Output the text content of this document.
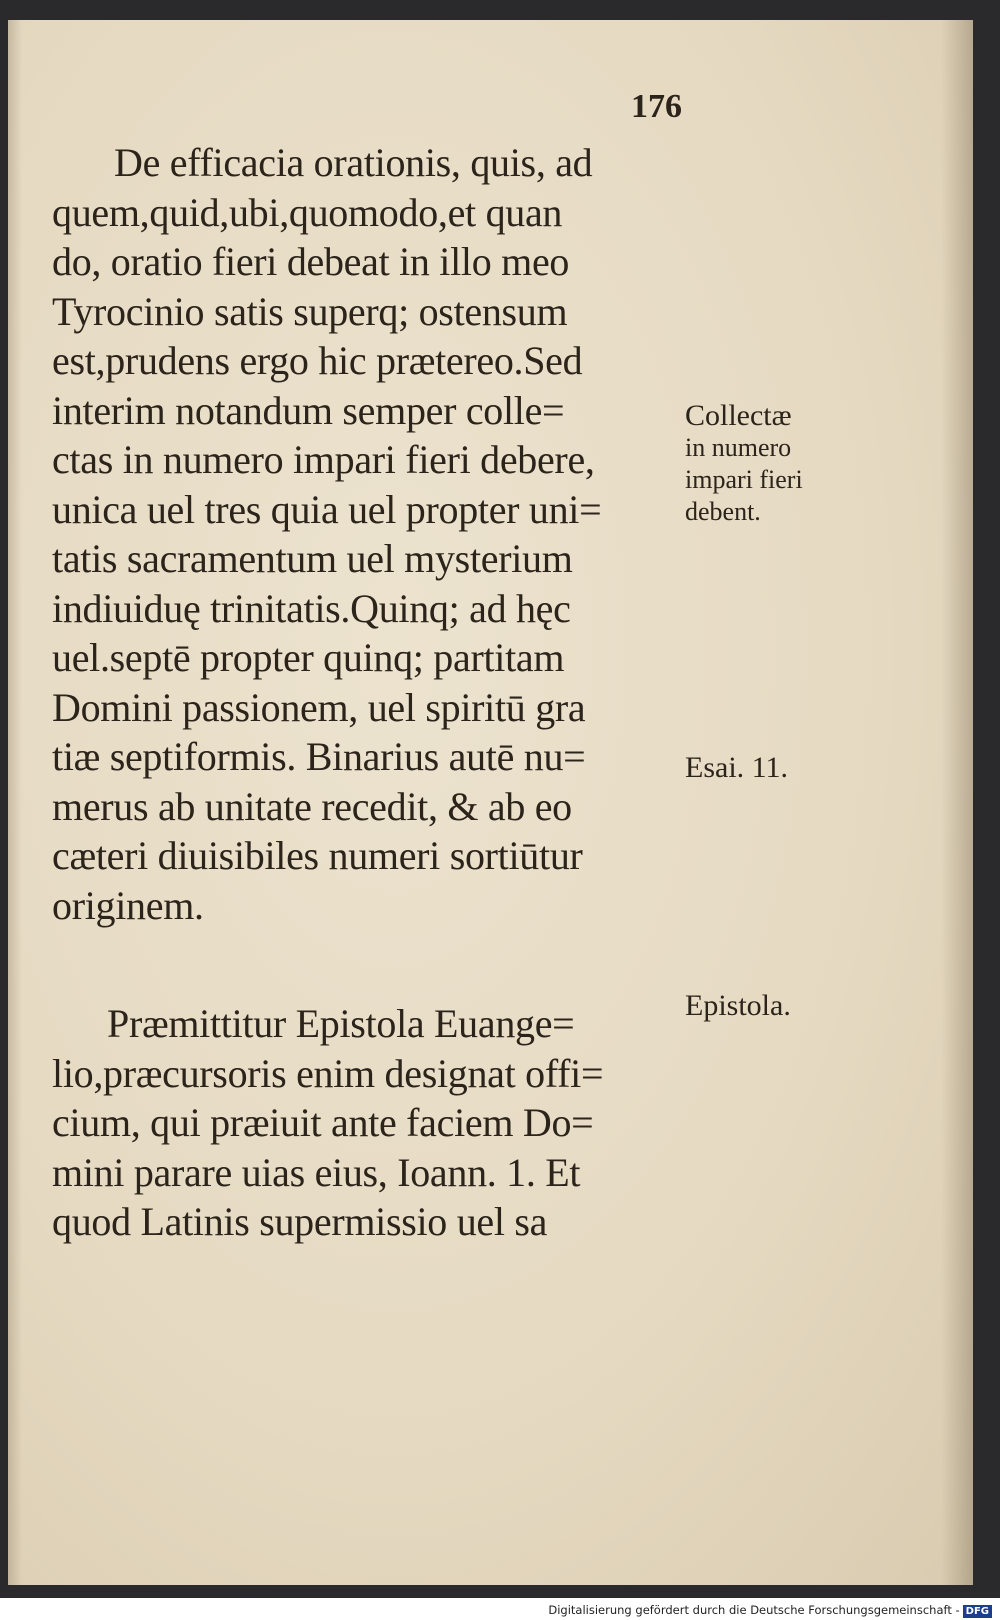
176
De efficacia orationis, quis, ad
quem,quid,ubi,quomodo,et quan
do, oratio fieri debeat in illo meo
Tyrocinio satis superq; ostensum
est,prudens ergo hic prætereo.Sed
interim notandum semper colle=
ctas in numero impari fieri debere,
unica uel tres quia uel propter uni=
tatis sacramentum uel mysterium
indiuiduę trinitatis.Quinq; ad hęc
uel.septē propter quinq; partitam
Domini passionem, uel spiritū gra
tiæ septiformis. Binarius autē nu=
merus ab unitate recedit, & ab eo
cæteri diuisibiles numeri sortiūtur
originem.
Præmittitur Epistola Euange=
lio,præcursoris enim designat offi=
cium, qui præiuit ante faciem Do=
mini parare uias eius, Ioann. 1. Et
quod Latinis supermissio uel sa
Collectæ
in numero
impari fieri
debent.
Esai. 11.
Epistola.
Digitalisierung gefördert durch die Deutsche Forschungsgemeinschaft - DFG
